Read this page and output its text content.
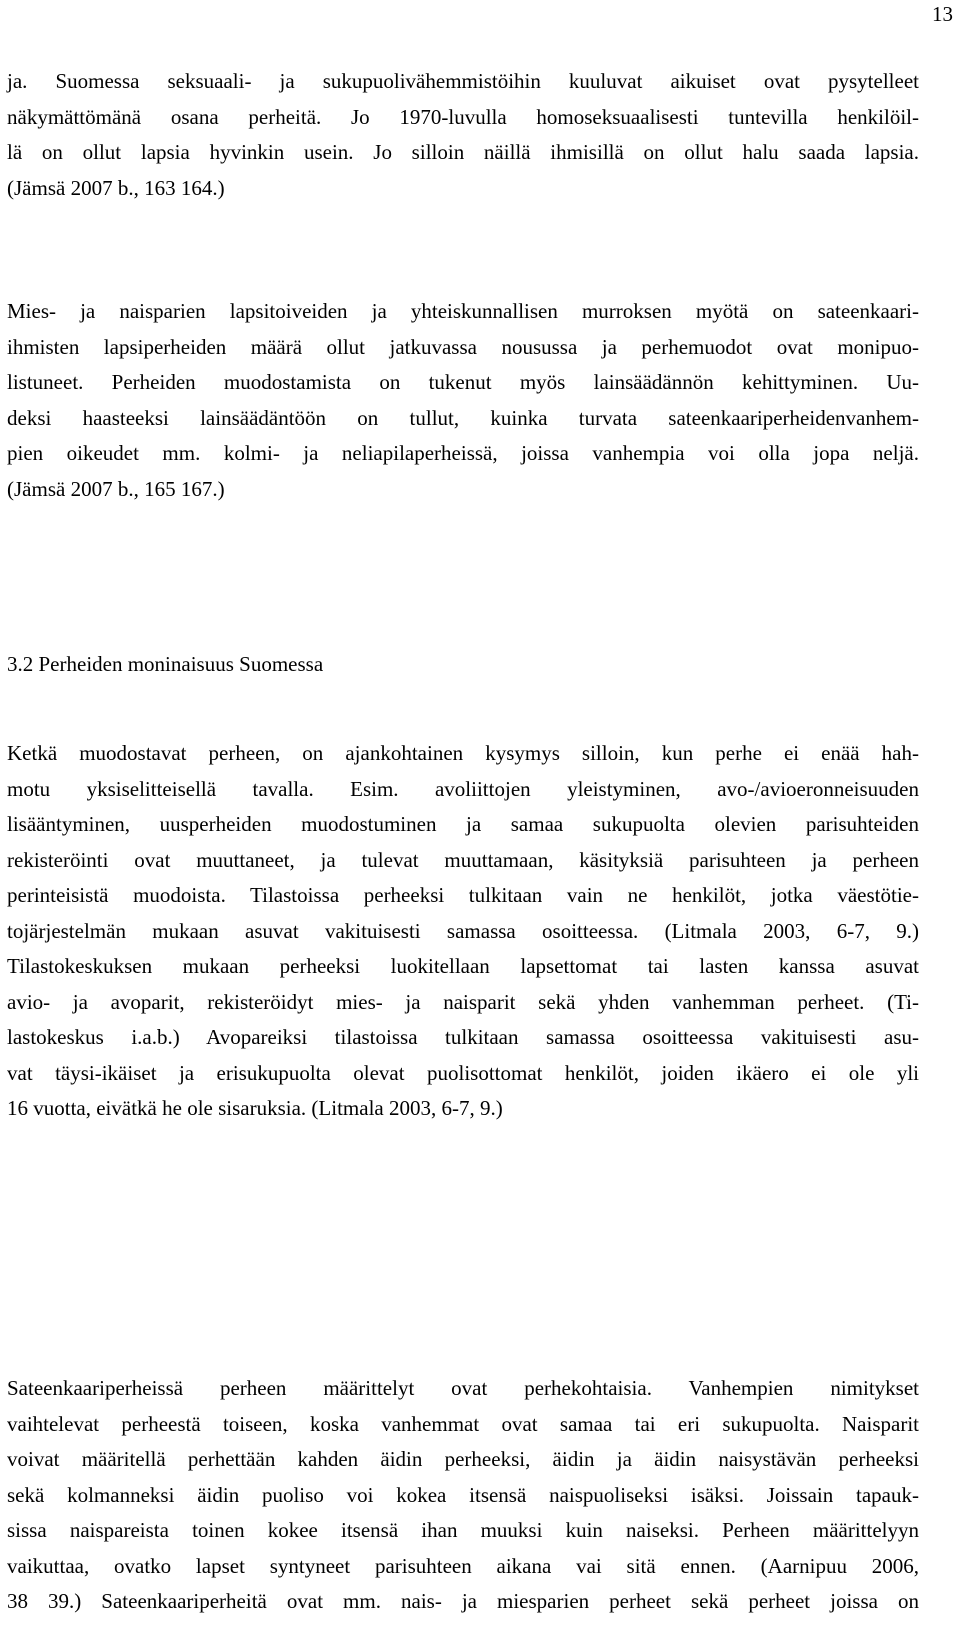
13

ja. Suomessa seksuaali- ja sukupuolivähemmistöihin kuuluvat aikuiset ovat pysytelleet
näkymättömänä osana perheitä. Jo 1970-luvulla homoseksuaalisesti tuntevilla henkilöil-
lä on ollut lapsia hyvinkin usein. Jo silloin näillä ihmisillä on ollut halu saada lapsia.
(Jämsä 2007 b., 163 164.)

Mies- ja naisparien lapsitoiveiden ja yhteiskunnallisen murroksen myötä on sateenkaari-
ihmisten lapsiperheiden määrä ollut jatkuvassa nousussa ja perhemuodot ovat monipuo-
listuneet. Perheiden muodostamista on tukenut myös lainsäädännön kehittyminen. Uu-
deksi haasteeksi lainsäädäntöön on tullut, kuinka turvata sateenkaariperheidenvanhem-
pien oikeudet mm. kolmi- ja neliapilaperheissä, joissa vanhempia voi olla jopa neljä.
(Jämsä 2007 b., 165 167.)

3.2 Perheiden moninaisuus Suomessa

Ketkä muodostavat perheen, on ajankohtainen kysymys silloin, kun perhe ei enää hah-
motu yksiselitteisellä tavalla. Esim. avoliittojen yleistyminen, avo-/avioeronneisuuden
lisääntyminen, uusperheiden muodostuminen ja samaa sukupuolta olevien parisuhteiden
rekisteröinti ovat muuttaneet, ja tulevat muuttamaan, käsityksiä parisuhteen ja perheen
perinteisistä muodoista. Tilastoissa perheeksi tulkitaan vain ne henkilöt, jotka väestötie-
tojärjestelmän mukaan asuvat vakituisesti samassa osoitteessa. (Litmala 2003, 6-7, 9.)
Tilastokeskuksen mukaan perheeksi luokitellaan lapsettomat tai lasten kanssa asuvat
avio- ja avoparit, rekisteröidyt mies- ja naisparit sekä yhden vanhemman perheet. (Ti-
lastokeskus i.a.b.) Avopareiksi tilastoissa tulkitaan samassa osoitteessa vakituisesti asu-
vat täysi-ikäiset ja erisukupuolta olevat puolisottomat henkilöt, joiden ikäero ei ole yli
16 vuotta, eivätkä he ole sisaruksia. (Litmala 2003, 6-7, 9.)

Sateenkaariperheissä perheen määrittelyt ovat perhekohtaisia. Vanhempien nimitykset
vaihtelevat perheestä toiseen, koska vanhemmat ovat samaa tai eri sukupuolta. Naisparit
voivat määritellä perhettään kahden äidin perheeksi, äidin ja äidin naisystävän perheeksi
sekä kolmanneksi äidin puoliso voi kokea itsensä naispuoliseksi isäksi. Joissain tapauk-
sissa naispareista toinen kokee itsensä ihan muuksi kuin naiseksi. Perheen määrittelyyn
vaikuttaa, ovatko lapset syntyneet parisuhteen aikana vai sitä ennen. (Aarnipuu 2006,
38 39.) Sateenkaariperheitä ovat mm. nais- ja miesparien perheet sekä perheet joissa on
